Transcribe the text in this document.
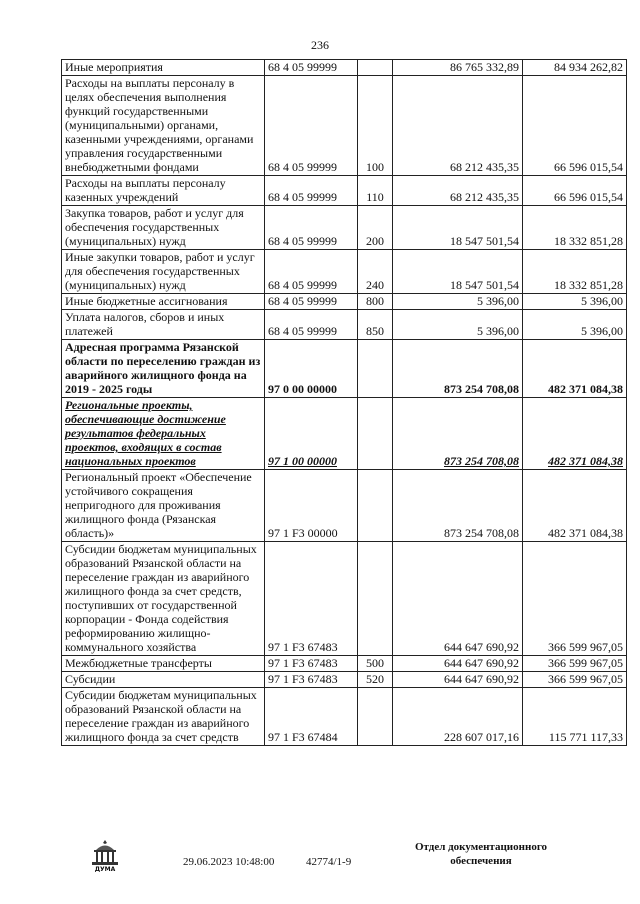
236
Иные мероприятия	68 4 05 99999		86 765 332,89	84 934 262,82
Расходы на выплаты персоналу в целях обеспечения выполнения функций государственными (муниципальными) органами, казенными учреждениями, органами управления государственными внебюджетными фондами	68 4 05 99999	100	68 212 435,35	66 596 015,54
Расходы на выплаты персоналу казенных учреждений	68 4 05 99999	110	68 212 435,35	66 596 015,54
Закупка товаров, работ и услуг для обеспечения государственных (муниципальных) нужд	68 4 05 99999	200	18 547 501,54	18 332 851,28
Иные закупки товаров, работ и услуг для обеспечения государственных (муниципальных) нужд	68 4 05 99999	240	18 547 501,54	18 332 851,28
Иные бюджетные ассигнования	68 4 05 99999	800	5 396,00	5 396,00
Уплата налогов, сборов и иных платежей	68 4 05 99999	850	5 396,00	5 396,00
Адресная программа Рязанской области по переселению граждан из аварийного жилищного фонда на 2019 - 2025 годы	97 0 00 00000		873 254 708,08	482 371 084,38
Региональные проекты, обеспечивающие достижение результатов федеральных проектов, входящих в состав национальных проектов	97 1 00 00000		873 254 708,08	482 371 084,38
Региональный проект «Обеспечение устойчивого сокращения непригодного для проживания жилищного фонда (Рязанская область)»	97 1 F3 00000		873 254 708,08	482 371 084,38
Субсидии бюджетам муниципальных образований Рязанской области на переселение граждан из аварийного жилищного фонда за счет средств, поступивших от государственной корпорации - Фонда содействия реформированию жилищно-коммунального хозяйства	97 1 F3 67483		644 647 690,92	366 599 967,05
Межбюджетные трансферты	97 1 F3 67483	500	644 647 690,92	366 599 967,05
Субсидии	97 1 F3 67483	520	644 647 690,92	366 599 967,05
Субсидии бюджетам муниципальных образований Рязанской области на переселение граждан из аварийного жилищного фонда за счет средств	97 1 F3 67484		228 607 017,16	115 771 117,33
ДУМА
29.06.2023 10:48:00	42774/1-9
Отдел документационного обеспечения
